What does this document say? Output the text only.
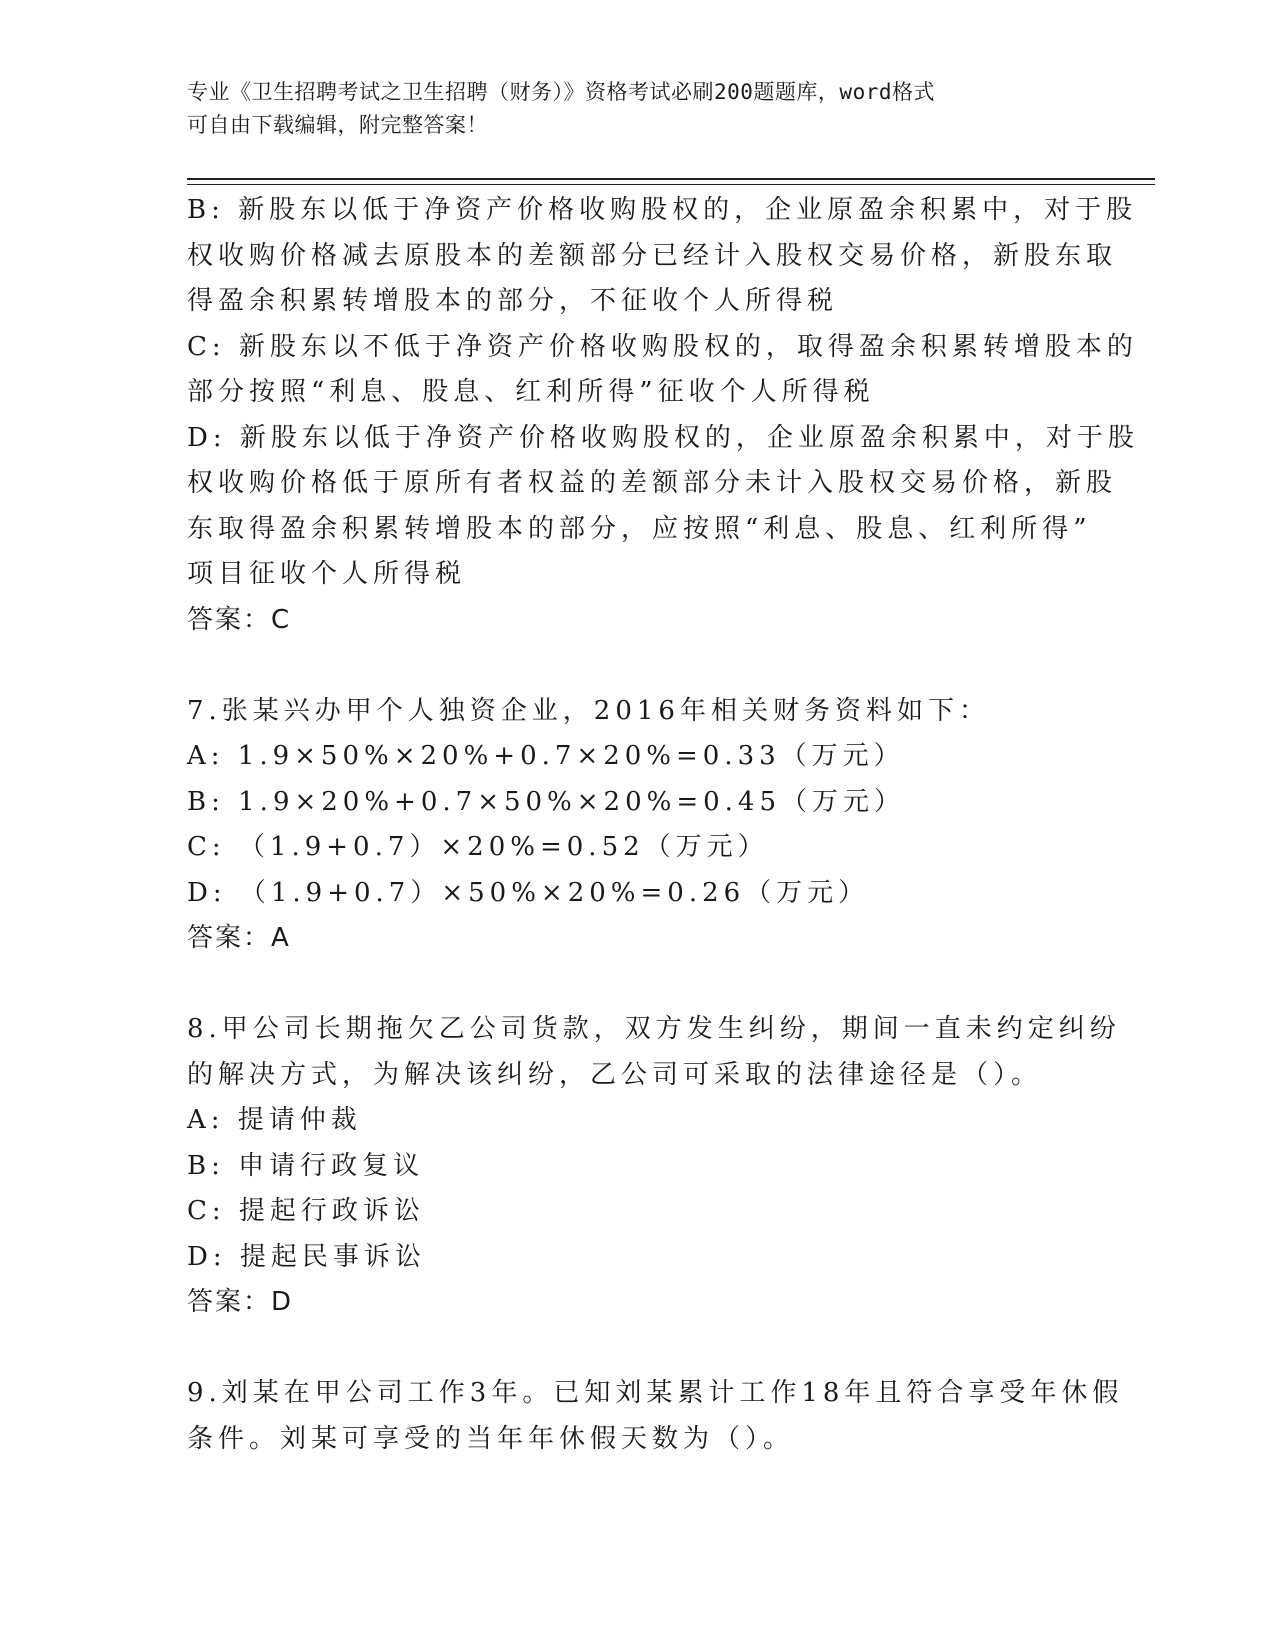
专业《卫生招聘考试之卫生招聘（财务）》资格考试必刷200题题库，word格式
可自由下载编辑，附完整答案！
B: 新股东以低于净资产价格收购股权的，企业原盈余积累中，对于股
权收购价格减去原股本的差额部分已经计入股权交易价格，新股东取
得盈余积累转增股本的部分，不征收个人所得税
C: 新股东以不低于净资产价格收购股权的，取得盈余积累转增股本的
部分按照“利息、股息、红利所得”征收个人所得税
D: 新股东以低于净资产价格收购股权的，企业原盈余积累中，对于股
权收购价格低于原所有者权益的差额部分未计入股权交易价格，新股
东取得盈余积累转增股本的部分，应按照“利息、股息、红利所得”
项目征收个人所得税
答案：C
7.张某兴办甲个人独资企业，2016年相关财务资料如下：
A: 1.9×50%×20%+0.7×20%=0.33（万元）
B: 1.9×20%+0.7×50%×20%=0.45（万元）
C: （1.9+0.7）×20%=0.52（万元）
D: （1.9+0.7）×50%×20%=0.26（万元）
答案：A
8.甲公司长期拖欠乙公司货款，双方发生纠纷，期间一直未约定纠纷
的解决方式，为解决该纠纷，乙公司可采取的法律途径是（）。
A: 提请仲裁
B: 申请行政复议
C: 提起行政诉讼
D: 提起民事诉讼
答案：D
9.刘某在甲公司工作3年。已知刘某累计工作18年且符合享受年休假
条件。刘某可享受的当年年休假天数为（）。
